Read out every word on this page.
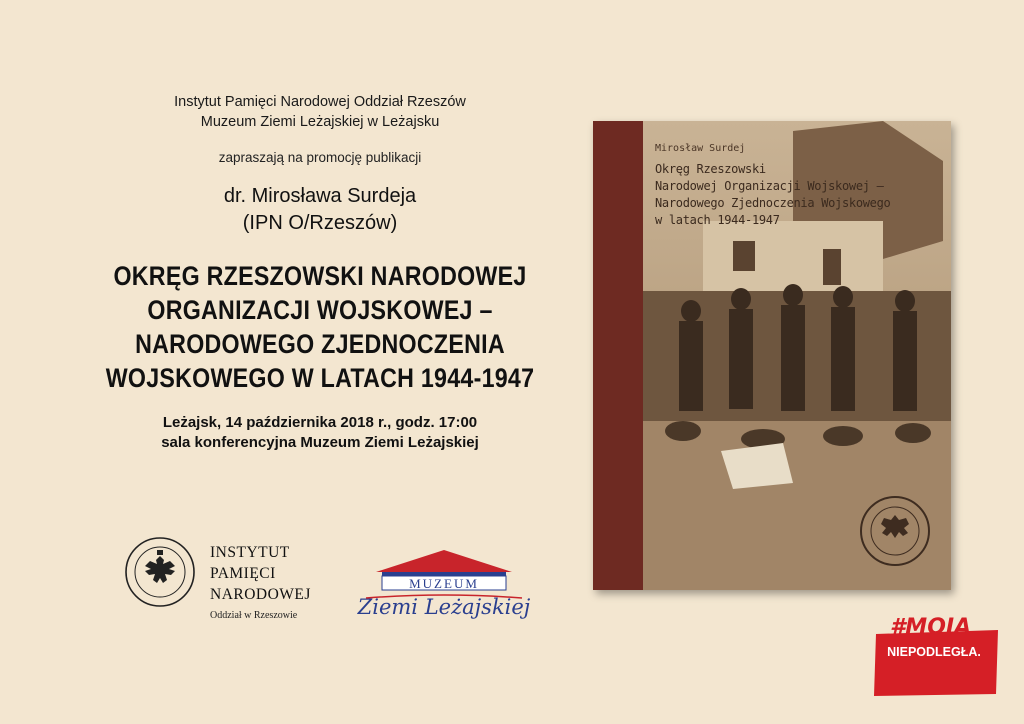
Instytut Pamięci Narodowej Oddział Rzeszów
Muzeum Ziemi Leżajskiej w Leżajsku
zapraszają na promocję publikacji
dr. Mirosława Surdeja
(IPN O/Rzeszów)
OKRĘG RZESZOWSKI NARODOWEJ
ORGANIZACJI WOJSKOWEJ –
NARODOWEGO ZJEDNOCZENIA
WOJSKOWEGO W LATACH 1944-1947
Leżajsk, 14 października 2018 r., godz. 17:00
sala konferencyjna Muzeum Ziemi Leżajskiej
INSTYTUT
PAMIĘCI
NARODOWEJ
Oddział w Rzeszowie
MUZEUM
Ziemi Leżajskiej
Mirosław Surdej
Okręg Rzeszowski
Narodowej Organizacji Wojskowej –
Narodowego Zjednoczenia Wojskowego
w latach 1944-1947
#MOJA
NIEPODLEGŁA.
